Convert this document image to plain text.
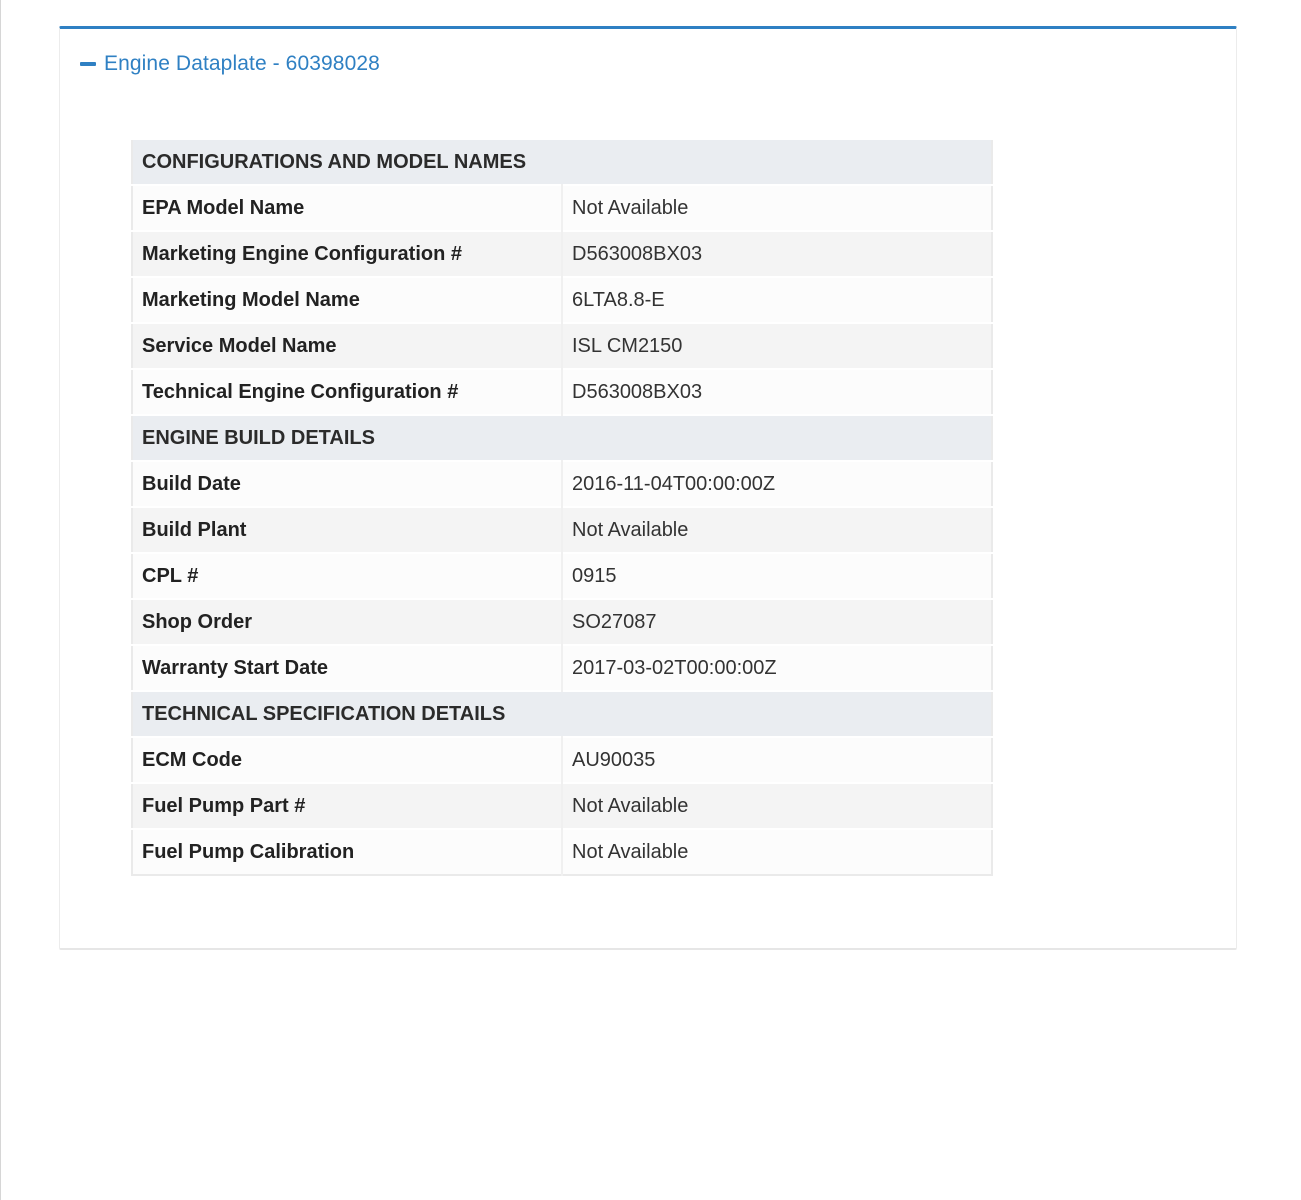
Engine Dataplate - 60398028
CONFIGURATIONS AND MODEL NAMES	
EPA Model Name	Not Available
Marketing Engine Configuration #	D563008BX03
Marketing Model Name	6LTA8.8-E
Service Model Name	ISL CM2150
Technical Engine Configuration #	D563008BX03
ENGINE BUILD DETAILS	
Build Date	2016-11-04T00:00:00Z
Build Plant	Not Available
CPL #	0915
Shop Order	SO27087
Warranty Start Date	2017-03-02T00:00:00Z
TECHNICAL SPECIFICATION DETAILS	
ECM Code	AU90035
Fuel Pump Part #	Not Available
Fuel Pump Calibration	Not Available
